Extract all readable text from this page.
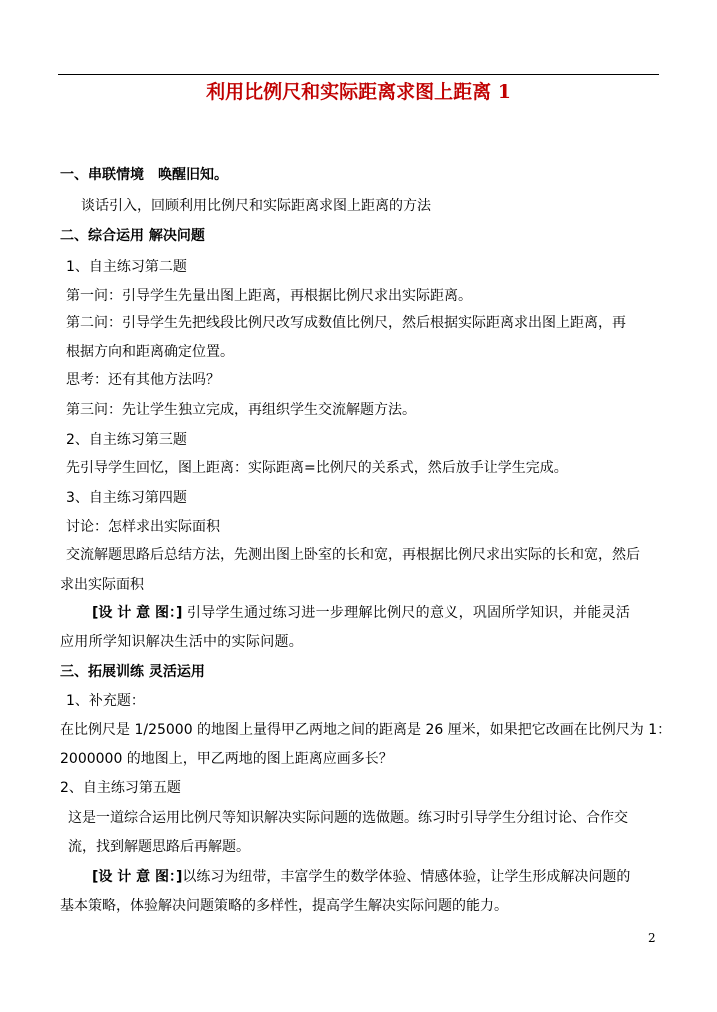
利用比例尺和实际距离求图上距离 1
一、串联情境　唤醒旧知。
谈话引入，回顾利用比例尺和实际距离求图上距离的方法
二、综合运用 解决问题
1、自主练习第二题
第一问：引导学生先量出图上距离，再根据比例尺求出实际距离。
第二问：引导学生先把线段比例尺改写成数值比例尺，然后根据实际距离求出图上距离，再
根据方向和距离确定位置。
思考：还有其他方法吗？
第三问：先让学生独立完成，再组织学生交流解题方法。
2、自主练习第三题
先引导学生回忆，图上距离：实际距离=比例尺的关系式，然后放手让学生完成。
3、自主练习第四题
讨论：怎样求出实际面积
交流解题思路后总结方法，先测出图上卧室的长和宽，再根据比例尺求出实际的长和宽，然后
求出实际面积
[设 计 意 图：] 引导学生通过练习进一步理解比例尺的意义，巩固所学知识，并能灵活
应用所学知识解决生活中的实际问题。
三、拓展训练 灵活运用
1、补充题：
在比例尺是 1/25000 的地图上量得甲乙两地之间的距离是 26 厘米，如果把它改画在比例尺为 1：
2000000 的地图上，甲乙两地的图上距离应画多长？
2、自主练习第五题
这是一道综合运用比例尺等知识解决实际问题的选做题。练习时引导学生分组讨论、合作交
流，找到解题思路后再解题。
[设 计 意 图：]以练习为纽带，丰富学生的数学体验、情感体验，让学生形成解决问题的
基本策略，体验解决问题策略的多样性，提高学生解决实际问题的能力。
2
